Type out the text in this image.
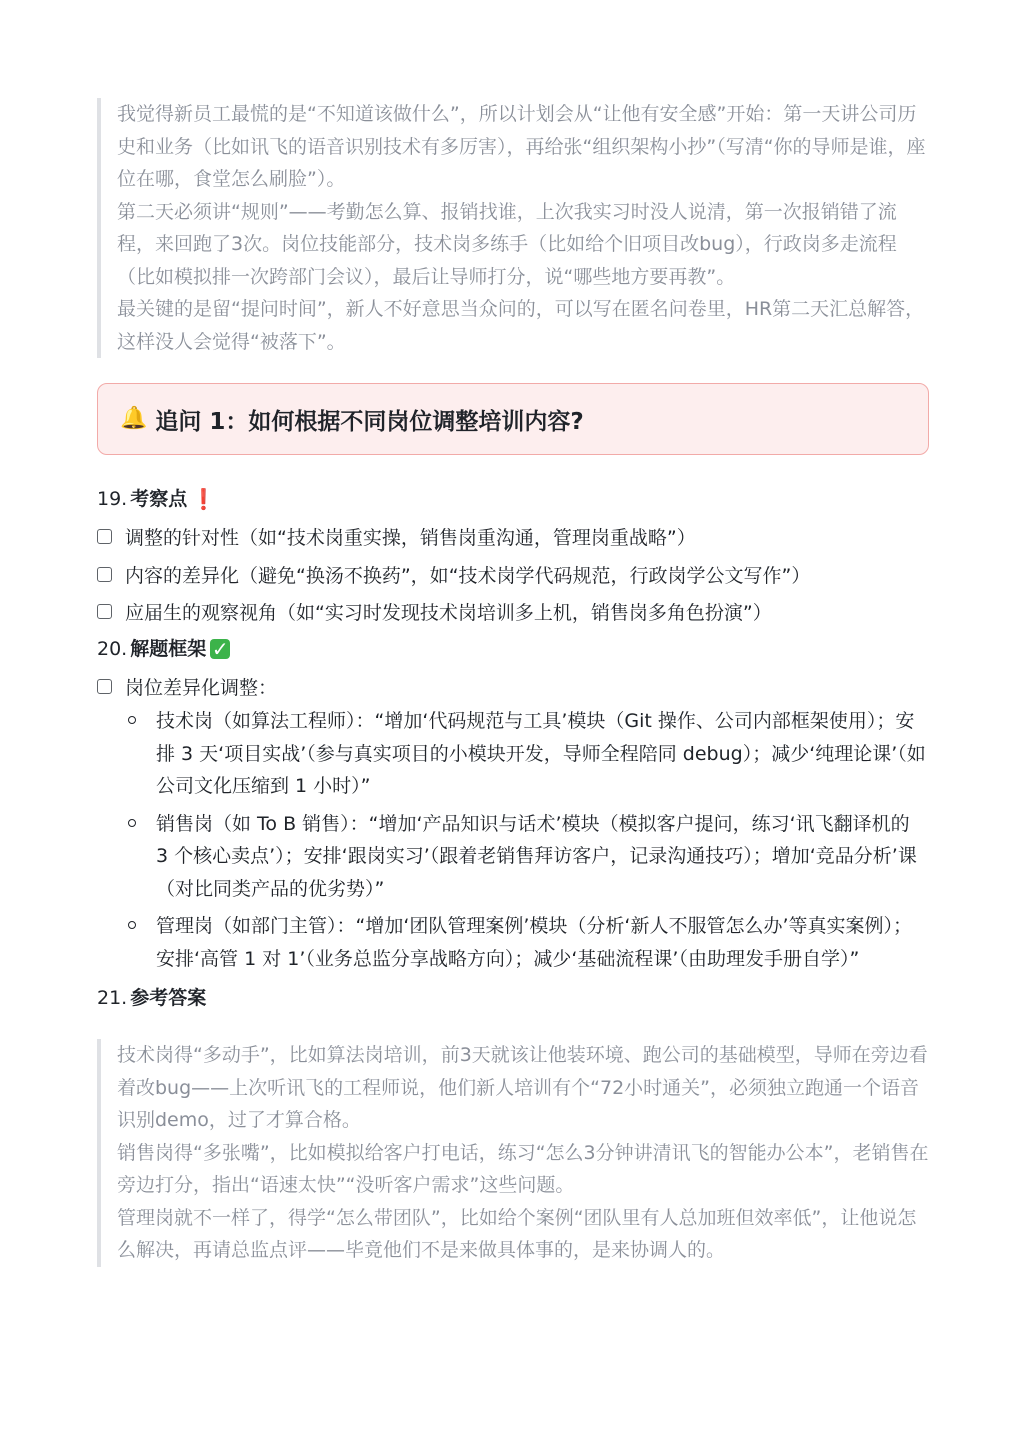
我觉得新员工最慌的是“不知道该做什么”，所以计划会从“让他有安全感”开始：第一天讲公司历史和业务（比如讯飞的语音识别技术有多厉害），再给张“组织架构小抄”（写清“你的导师是谁，座位在哪，食堂怎么刷脸”）。

第二天必须讲“规则”——考勤怎么算、报销找谁，上次我实习时没人说清，第一次报销错了流程，来回跑了3次。岗位技能部分，技术岗多练手（比如给个旧项目改bug），行政岗多走流程（比如模拟排一次跨部门会议），最后让导师打分，说“哪些地方要再教”。

最关键的是留“提问时间”，新人不好意思当众问的，可以写在匿名问卷里，HR第二天汇总解答，这样没人会觉得“被落下”。

🔔 追问 1：如何根据不同岗位调整培训内容?
19. 考察点 ❗
调整的针对性（如“技术岗重实操，销售岗重沟通，管理岗重战略”）
内容的差异化（避免“换汤不换药”，如“技术岗学代码规范，行政岗学公文写作”）
应届生的观察视角（如“实习时发现技术岗培训多上机，销售岗多角色扮演”）
20. 解题框架 ✓
岗位差异化调整：
技术岗（如算法工程师）：“增加‘代码规范与工具’模块（Git 操作、公司内部框架使用）；安排 3 天‘项目实战’（参与真实项目的小模块开发，导师全程陪同 debug）；减少‘纯理论课’（如公司文化压缩到 1 小时）”
销售岗（如 To B 销售）：“增加‘产品知识与话术’模块（模拟客户提问，练习‘讯飞翻译机的 3 个核心卖点’）；安排‘跟岗实习’（跟着老销售拜访客户，记录沟通技巧）；增加‘竞品分析’课（对比同类产品的优劣势）”
管理岗（如部门主管）：“增加‘团队管理案例’模块（分析‘新人不服管怎么办’等真实案例）；安排‘高管 1 对 1’（业务总监分享战略方向）；减少‘基础流程课’（由助理发手册自学）”
21. 参考答案

技术岗得“多动手”，比如算法岗培训，前3天就该让他装环境、跑公司的基础模型，导师在旁边看着改bug——上次听讯飞的工程师说，他们新人培训有个“72小时通关”，必须独立跑通一个语音识别demo，过了才算合格。

销售岗得“多张嘴”，比如模拟给客户打电话，练习“怎么3分钟讲清讯飞的智能办公本”，老销售在旁边打分，指出“语速太快”“没听客户需求”这些问题。

管理岗就不一样了，得学“怎么带团队”，比如给个案例“团队里有人总加班但效率低”，让他说怎么解决，再请总监点评——毕竟他们不是来做具体事的，是来协调人的。
